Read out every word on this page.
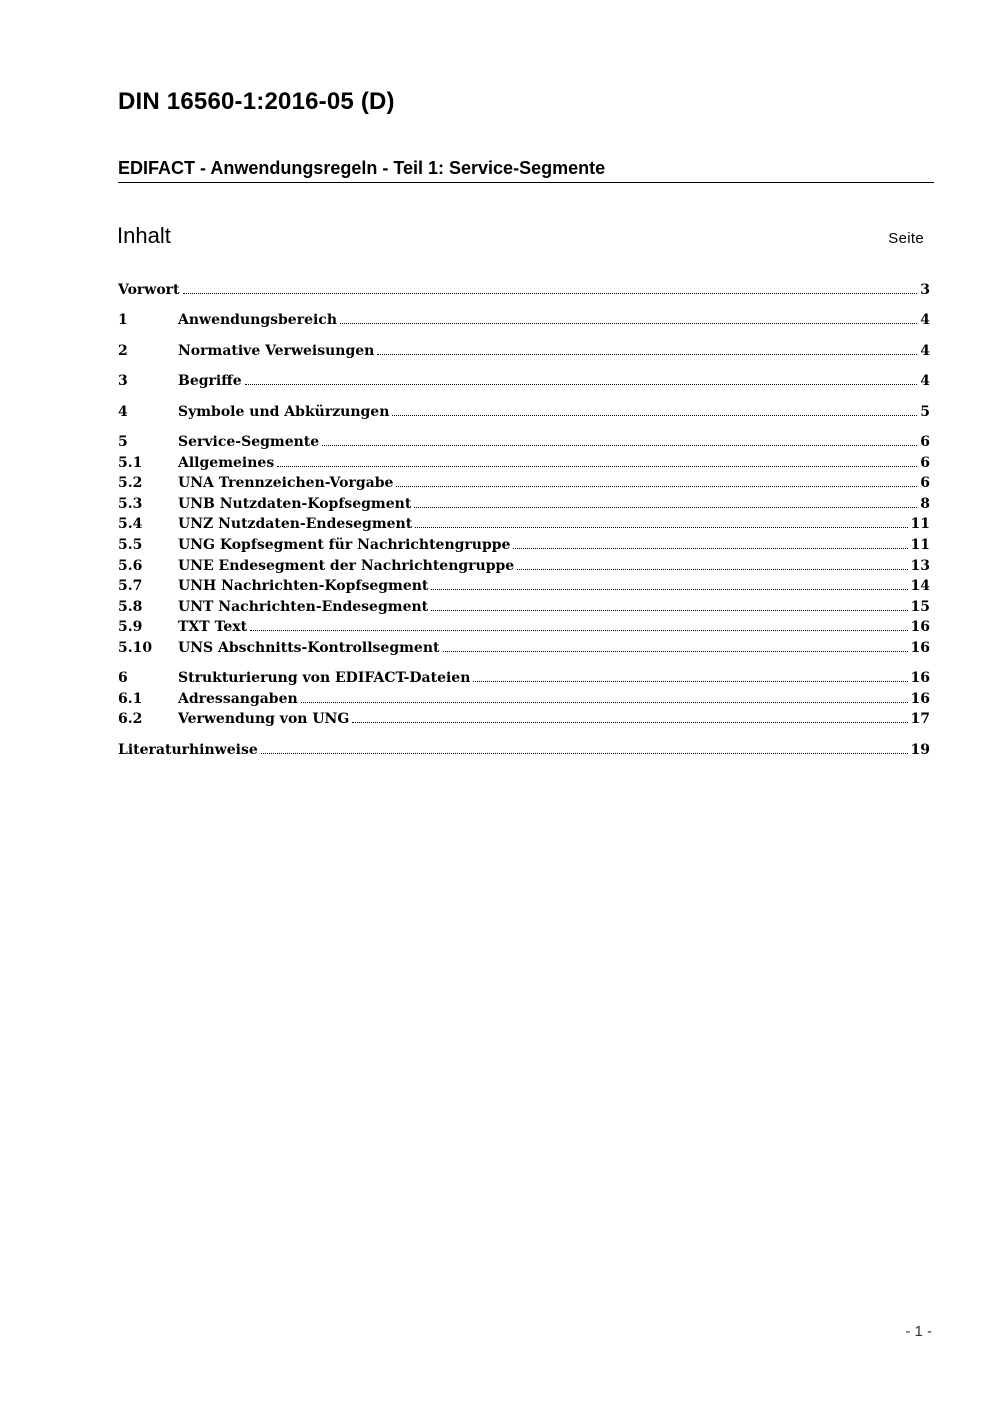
DIN 16560-1:2016-05 (D)
EDIFACT - Anwendungsregeln - Teil 1: Service-Segmente
Inhalt	Seite
Vorwort	3
1	Anwendungsbereich	4
2	Normative Verweisungen	4
3	Begriffe	4
4	Symbole und Abkürzungen	5
5	Service-Segmente	6
5.1	Allgemeines	6
5.2	UNA Trennzeichen-Vorgabe	6
5.3	UNB Nutzdaten-Kopfsegment	8
5.4	UNZ Nutzdaten-Endesegment	11
5.5	UNG Kopfsegment für Nachrichtengruppe	11
5.6	UNE Endesegment der Nachrichtengruppe	13
5.7	UNH Nachrichten-Kopfsegment	14
5.8	UNT Nachrichten-Endesegment	15
5.9	TXT Text	16
5.10	UNS Abschnitts-Kontrollsegment	16
6	Strukturierung von EDIFACT-Dateien	16
6.1	Adressangaben	16
6.2	Verwendung von UNG	17
Literaturhinweise	19
- 1 -
